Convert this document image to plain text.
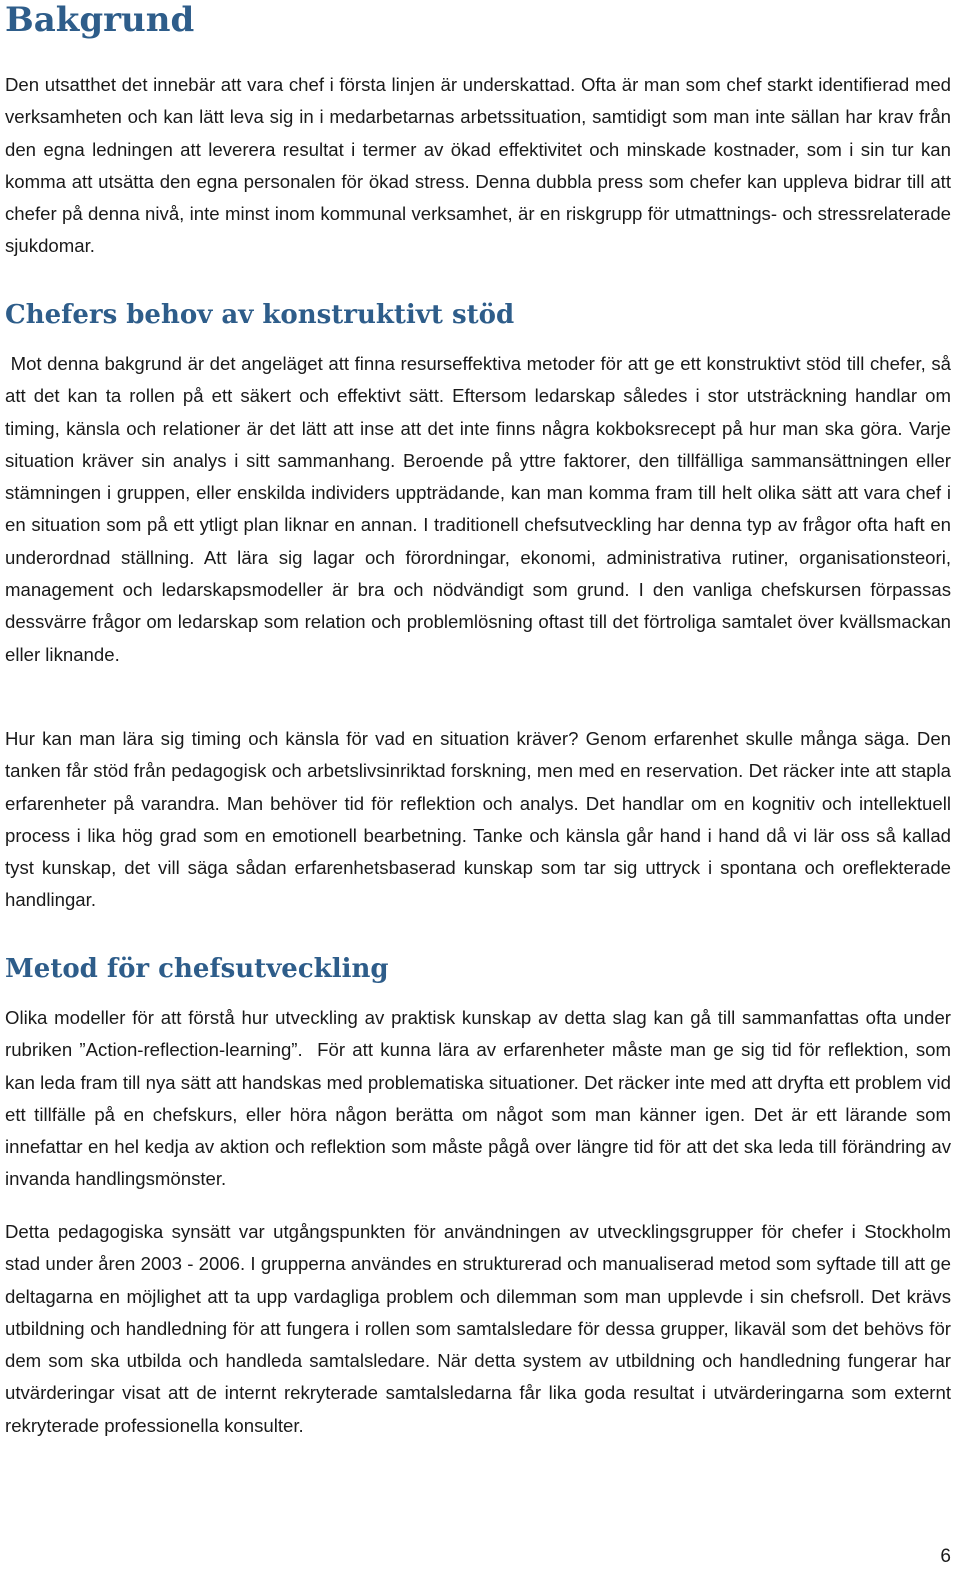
Bakgrund

Den utsatthet det innebär att vara chef i första linjen är underskattad. Ofta är man som chef starkt identifierad med verksamheten och kan lätt leva sig in i medarbetarnas arbetssituation, samtidigt som man inte sällan har krav från den egna ledningen att leverera resultat i termer av ökad effektivitet och minskade kostnader, som i sin tur kan komma att utsätta den egna personalen för ökad stress. Denna dubbla press som chefer kan uppleva bidrar till att chefer på denna nivå, inte minst inom kommunal verksamhet, är en riskgrupp för utmattnings- och stressrelaterade sjukdomar.

Chefers behov av konstruktivt stöd

Mot denna bakgrund är det angeläget att finna resurseffektiva metoder för att ge ett konstruktivt stöd till chefer, så att det kan ta rollen på ett säkert och effektivt sätt. Eftersom ledarskap således i stor utsträckning handlar om timing, känsla och relationer är det lätt att inse att det inte finns några kokboksrecept på hur man ska göra. Varje situation kräver sin analys i sitt sammanhang. Beroende på yttre faktorer, den tillfälliga sammansättningen eller stämningen i gruppen, eller enskilda individers uppträdande, kan man komma fram till helt olika sätt att vara chef i en situation som på ett ytligt plan liknar en annan. I traditionell chefsutveckling har denna typ av frågor ofta haft en underordnad ställning. Att lära sig lagar och förordningar, ekonomi, administrativa rutiner, organisationsteori, management och ledarskapsmodeller är bra och nödvändigt som grund. I den vanliga chefskursen förpassas dessvärre frågor om ledarskap som relation och problemlösning oftast till det förtroliga samtalet över kvällsmackan eller liknande.

Hur kan man lära sig timing och känsla för vad en situation kräver? Genom erfarenhet skulle många säga. Den tanken får stöd från pedagogisk och arbetslivsinriktad forskning, men med en reservation. Det räcker inte att stapla erfarenheter på varandra. Man behöver tid för reflektion och analys. Det handlar om en kognitiv och intellektuell process i lika hög grad som en emotionell bearbetning. Tanke och känsla går hand i hand då vi lär oss så kallad tyst kunskap, det vill säga sådan erfarenhetsbaserad kunskap som tar sig uttryck i spontana och oreflekterade handlingar.

Metod för chefsutveckling

Olika modeller för att förstå hur utveckling av praktisk kunskap av detta slag kan gå till sammanfattas ofta under rubriken ”Action-reflection-learning”.  För att kunna lära av erfarenheter måste man ge sig tid för reflektion, som kan leda fram till nya sätt att handskas med problematiska situationer. Det räcker inte med att dryfta ett problem vid ett tillfälle på en chefskurs, eller höra någon berätta om något som man känner igen. Det är ett lärande som innefattar en hel kedja av aktion och reflektion som måste pågå over längre tid för att det ska leda till förändring av invanda handlingsmönster.

Detta pedagogiska synsätt var utgångspunkten för användningen av utvecklingsgrupper för chefer i Stockholm stad under åren 2003 - 2006. I grupperna användes en strukturerad och manualiserad metod som syftade till att ge deltagarna en möjlighet att ta upp vardagliga problem och dilemman som man upplevde i sin chefsroll. Det krävs utbildning och handledning för att fungera i rollen som samtalsledare för dessa grupper, likaväl som det behövs för dem som ska utbilda och handleda samtalsledare. När detta system av utbildning och handledning fungerar har utvärderingar visat att de internt rekryterade samtalsledarna får lika goda resultat i utvärderingarna som externt rekryterade professionella konsulter.

6
